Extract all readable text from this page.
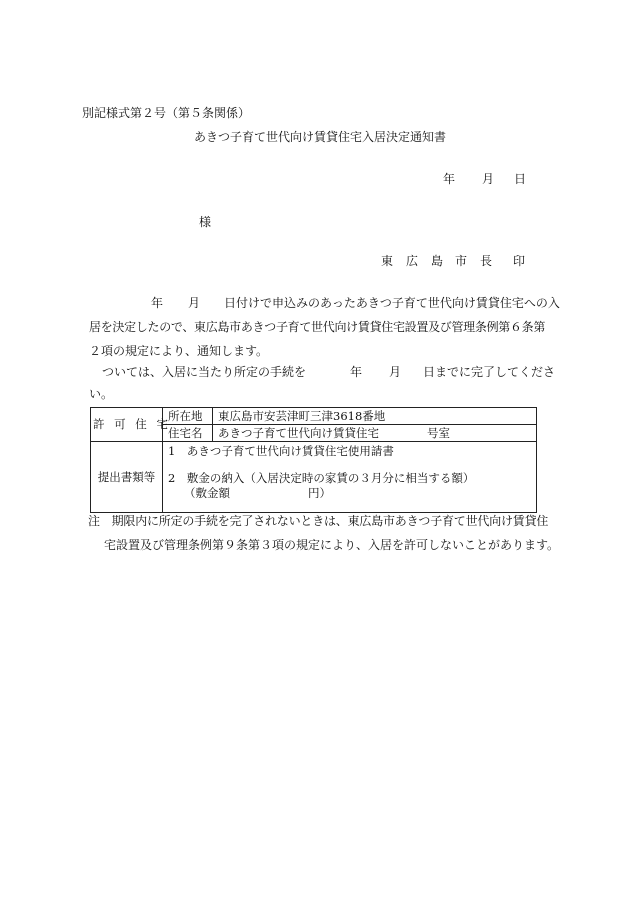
別記様式第２号（第５条関係）
あきつ子育て世代向け賃貸住宅入居決定通知書
年 月 日
様
東 広 島 市 長 印
年 月 日付けで申込みのあったあきつ子育て世代向け賃貸住宅への入
居を決定したので、東広島市あきつ子育て世代向け賃貸住宅設置及び管理条例第６条第
２項の規定により、通知します。
ついては、入居に当たり所定の手続を	年 月 日までに完了してくださ
い。
許 可 住 宅	所在地	東広島市安芸津町三津3618番地
	住宅名	あきつ子育て世代向け賃貸住宅 号室
提出書類等	1　あきつ子育て世代向け賃貸住宅使用請書
2　敷金の納入（入居決定時の家賃の３月分に相当する額）
（敷金額 円）	
注　期限内に所定の手続を完了されないときは、東広島市あきつ子育て世代向け賃貸住
宅設置及び管理条例第９条第３項の規定により、入居を許可しないことがあります。
